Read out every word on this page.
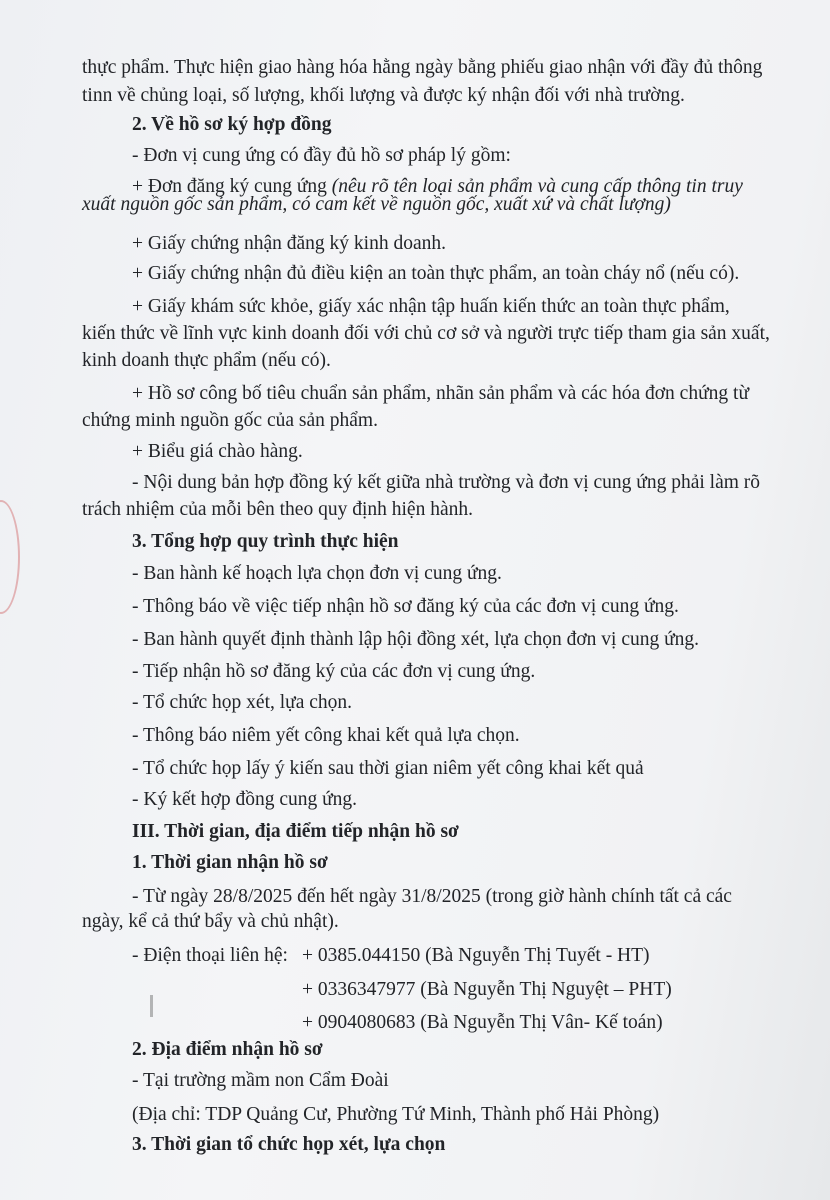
thực phẩm. Thực hiện giao hàng hóa hằng ngày bằng phiếu giao nhận với đầy đủ thông
tinn về chủng loại, số lượng, khối lượng và được ký nhận đối với nhà trường.
2. Về hồ sơ ký hợp đồng
- Đơn vị cung ứng có đầy đủ hồ sơ pháp lý gồm:
+ Đơn đăng ký cung ứng (nêu rõ tên loại sản phẩm và cung cấp thông tin truy
xuất nguồn gốc sản phẩm, có cam kết về nguồn gốc, xuất xứ và chất lượng)
+ Giấy chứng nhận đăng ký kinh doanh.
+ Giấy chứng nhận đủ điều kiện an toàn thực phẩm, an toàn cháy nổ (nếu có).
+ Giấy khám sức khỏe, giấy xác nhận tập huấn kiến thức an toàn thực phẩm,
kiến thức về lĩnh vực kinh doanh đối với chủ cơ sở và người trực tiếp tham gia sản xuất,
kinh doanh thực phẩm (nếu có).
+ Hồ sơ công bố tiêu chuẩn sản phẩm, nhãn sản phẩm và các hóa đơn chứng từ
chứng minh nguồn gốc của sản phẩm.
+ Biểu giá chào hàng.
- Nội dung bản hợp đồng ký kết giữa nhà trường và đơn vị cung ứng phải làm rõ
trách nhiệm của mỗi bên theo quy định hiện hành.
3. Tổng hợp quy trình thực hiện
- Ban hành kế hoạch lựa chọn đơn vị cung ứng.
- Thông báo về việc tiếp nhận hồ sơ đăng ký của các đơn vị cung ứng.
- Ban hành quyết định thành lập hội đồng xét, lựa chọn đơn vị cung ứng.
- Tiếp nhận hồ sơ đăng ký của các đơn vị cung ứng.
- Tổ chức họp xét, lựa chọn.
- Thông báo niêm yết công khai kết quả lựa chọn.
- Tổ chức họp lấy ý kiến sau thời gian niêm yết công khai kết quả
- Ký kết hợp đồng cung ứng.
III. Thời gian, địa điểm tiếp nhận hồ sơ
1. Thời gian nhận hồ sơ
- Từ ngày 28/8/2025 đến hết ngày 31/8/2025 (trong giờ hành chính tất cả các
ngày, kể cả thứ bẩy và chủ nhật).
- Điện thoại liên hệ: + 0385.044150 (Bà Nguyễn Thị Tuyết - HT)
+ 0336347977 (Bà Nguyễn Thị Nguyệt – PHT)
+ 0904080683 (Bà Nguyễn Thị Vân- Kế toán)
2. Địa điểm nhận hồ sơ
- Tại trường mầm non Cẩm Đoài
(Địa chỉ: TDP Quảng Cư, Phường Tứ Minh, Thành phố Hải Phòng)
3. Thời gian tổ chức họp xét, lựa chọn
